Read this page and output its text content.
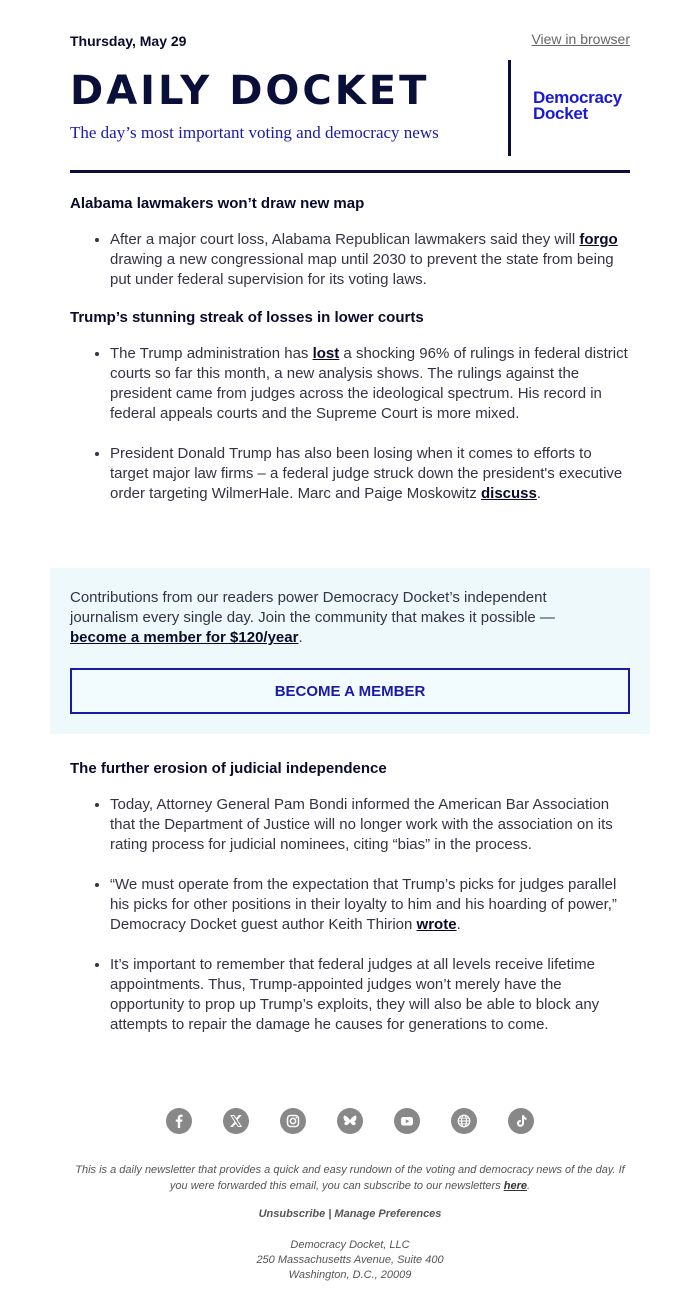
Thursday, May 29	View in browser
DAILY DOCKET
The day’s most important voting and democracy news
Democracy
Docket
Alabama lawmakers won’t draw new map
• After a major court loss, Alabama Republican lawmakers said they will forgo drawing a new congressional map until 2030 to prevent the state from being put under federal supervision for its voting laws.
Trump’s stunning streak of losses in lower courts
• The Trump administration has lost a shocking 96% of rulings in federal district courts so far this month, a new analysis shows. The rulings against the president came from judges across the ideological spectrum. His record in federal appeals courts and the Supreme Court is more mixed.
• President Donald Trump has also been losing when it comes to efforts to target major law firms – a federal judge struck down the president's executive order targeting WilmerHale. Marc and Paige Moskowitz discuss.
Contributions from our readers power Democracy Docket’s independent journalism every single day. Join the community that makes it possible — become a member for $120/year.
BECOME A MEMBER
The further erosion of judicial independence
• Today, Attorney General Pam Bondi informed the American Bar Association that the Department of Justice will no longer work with the association on its rating process for judicial nominees, citing “bias” in the process.
• “We must operate from the expectation that Trump’s picks for judges parallel his picks for other positions in their loyalty to him and his hoarding of power,” Democracy Docket guest author Keith Thirion wrote.
• It’s important to remember that federal judges at all levels receive lifetime appointments. Thus, Trump-appointed judges won’t merely have the opportunity to prop up Trump’s exploits, they will also be able to block any attempts to repair the damage he causes for generations to come.
This is a daily newsletter that provides a quick and easy rundown of the voting and democracy news of the day. If you were forwarded this email, you can subscribe to our newsletters here.
Unsubscribe | Manage Preferences
Democracy Docket, LLC
250 Massachusetts Avenue, Suite 400
Washington, D.C., 20009
